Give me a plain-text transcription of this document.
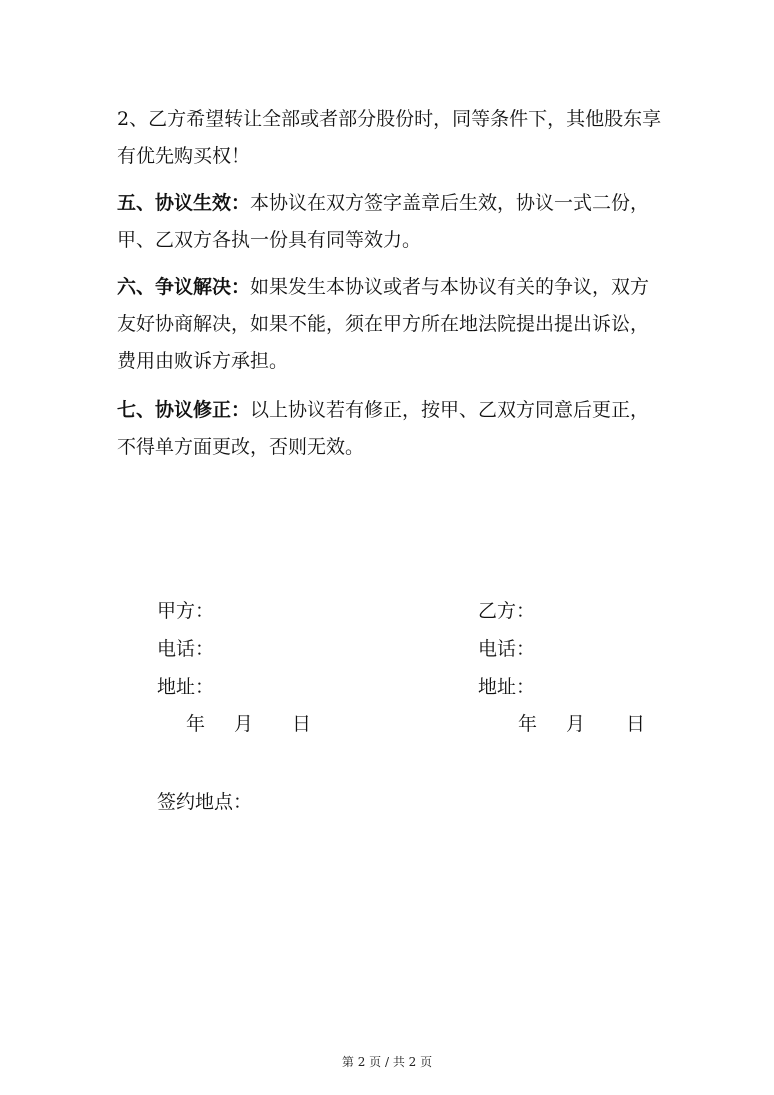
2、乙方希望转让全部或者部分股份时，同等条件下，其他股东享有优先购买权！

五、协议生效：本协议在双方签字盖章后生效，协议一式二份，甲、乙双方各执一份具有同等效力。

六、争议解决：如果发生本协议或者与本协议有关的争议，双方友好协商解决，如果不能，须在甲方所在地法院提出提出诉讼，费用由败诉方承担。

七、协议修正：以上协议若有修正，按甲、乙双方同意后更正，不得单方面更改，否则无效。

甲方：
电话：
地址：
年 月 日
乙方：
电话：
地址：
年 月 日
签约地点：
第 2 页 / 共 2 页
